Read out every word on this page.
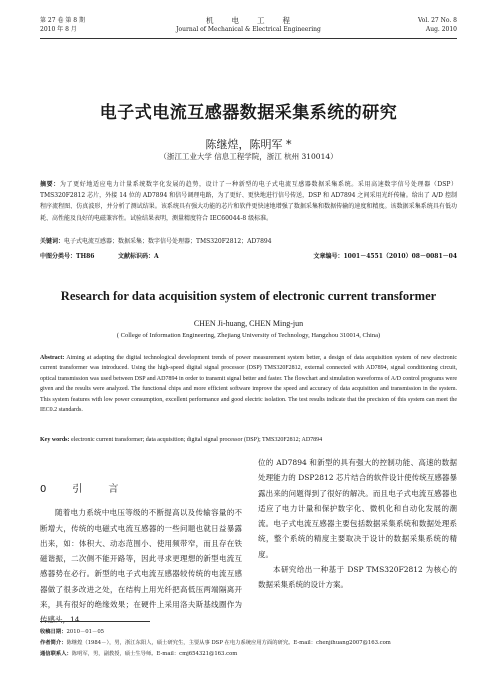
第 27 卷 第 8 期
2010 年 8 月
机　　电　　工　　程
Journal of Mechanical & Electrical Engineering
Vol. 27 No. 8
Aug. 2010
电子式电流互感器数据采集系统的研究
陈继煌，陈明军 *
（浙江工业大学 信息工程学院，浙江 杭州 310014）
摘要：为了更好地适应电力计量系统数字化发展的趋势，设计了一种新型的电子式电流互感器数据采集系统。采用高速数字信号处理器（DSP）TMS320F2812 芯片，外接 14 位的 AD7894 和信号调理电路，为了更好、更快地进行信号传送，DSP 和 AD7894 之间采用光纤传输。给出了 A/D 控制程序流程图、仿真波形，并分析了测试结果。该系统具有强大功能的芯片和软件更快速地增强了数据采集和数据传输的速度和精度。该数据采集系统具有低功耗、高性能及良好的电磁兼容性。试验结果表明，测量精度符合 IEC60044-8 级标准。
关键词：电子式电流互感器；数据采集；数字信号处理器；TMS320F2812；AD7894
中图分类号：TH86	文献标识码：A	文章编号：1001－4551（2010）08－0081－04
Research for data acquisition system of electronic current transformer
CHEN Ji-huang, CHEN Ming-jun
( College of Information Engineering, Zhejiang University of Technology, Hangzhou 310014, China)
Abstract: Aiming at adapting the digital technological development trends of power measurement system better, a design of data acquisition system of new electronic current transformer was introduced. Using the high-speed digital signal processor (DSP) TMS320F2812, external connected with AD7894, signal conditioning circuit, optical transmission was used between DSP and AD7894 in order to transmit signal better and faster. The flowchart and simulation waveforms of A/D control programs were given and the results were analyzed. The functional chips and more efficient software improve the speed and accuracy of data acquisition and transmission in the system. This system features with low power consumption, excellent performance and good electric isolation. The test results indicate that the precision of this system can meet the IEC0.2 standards.
Key words: electronic current transformer; data acquisition; digital signal processor (DSP); TMS320F2812; AD7894
0　引　言
随着电力系统中电压等级的不断提高以及传输容量的不断增大，传统的电磁式电流互感器的一些问题也就日益暴露出来，如：体积大、动态范围小、使用频带窄，而且存在铁磁谐振，二次侧不能开路等，因此寻求更理想的新型电流互感器势在必行。新型的电子式电流互感器较传统的电流互感器做了很多改进之处，在结构上用光纤把高低压两端隔离开来，具有很好的绝缘效果；在硬件上采用洛夫斯基线圈作为传感头，14
位的 AD7894 和新型的具有强大的控制功能、高速的数据处理能力的 DSP2812 芯片结合的软件设计使传统互感器暴露出来的问题得到了很好的解决。而且电子式电流互感器也适应了电力计量和保护数字化、微机化和自动化发展的潮流。电子式电流互感器主要包括数据采集系统和数据处理系统，整个系统的精度主要取决于设计的数据采集系统的精度。
本研究给出一种基于 DSP TMS320F2812 为核心的数据采集系统的设计方案。
收稿日期：2010－01－05
作者简介：陈继煌（1984－），男，浙江东阳人，硕士研究生，主要从事 DSP 在电力系统应用方面的研究。E-mail：chenjihuang2007@163.com
通信联系人：陈明军，男，副教授，硕士生导师。E-mail：cmj654321@163.com
